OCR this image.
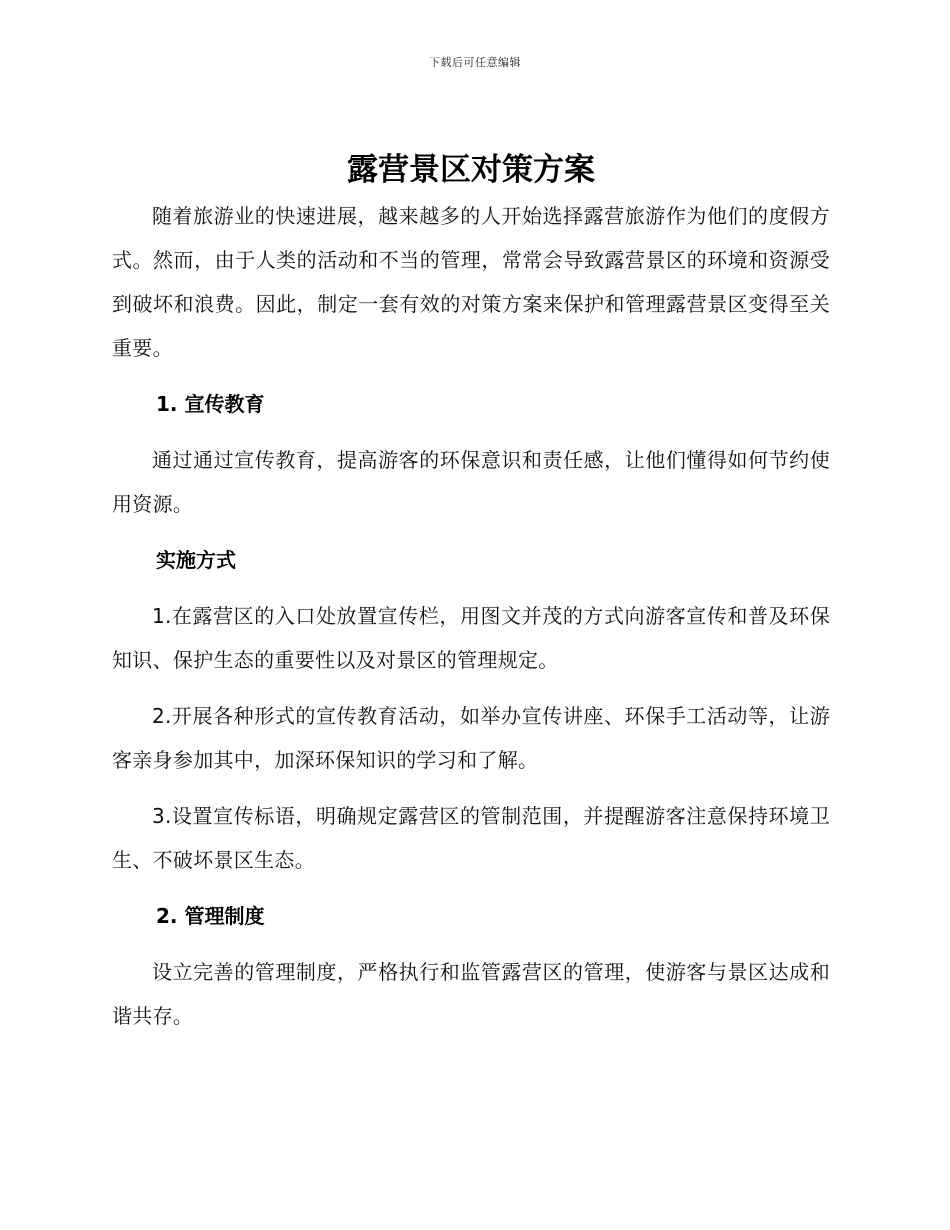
下载后可任意编辑
露营景区对策方案

随着旅游业的快速进展，越来越多的人开始选择露营旅游作为他们的度假方式。然而，由于人类的活动和不当的管理，常常会导致露营景区的环境和资源受到破坏和浪费。因此，制定一套有效的对策方案来保护和管理露营景区变得至关重要。

1. 宣传教育

通过通过宣传教育，提高游客的环保意识和责任感，让他们懂得如何节约使用资源。

实施方式

1.在露营区的入口处放置宣传栏，用图文并茂的方式向游客宣传和普及环保知识、保护生态的重要性以及对景区的管理规定。

2.开展各种形式的宣传教育活动，如举办宣传讲座、环保手工活动等，让游客亲身参加其中，加深环保知识的学习和了解。

3.设置宣传标语，明确规定露营区的管制范围，并提醒游客注意保持环境卫生、不破坏景区生态。

2. 管理制度

设立完善的管理制度，严格执行和监管露营区的管理，使游客与景区达成和谐共存。
